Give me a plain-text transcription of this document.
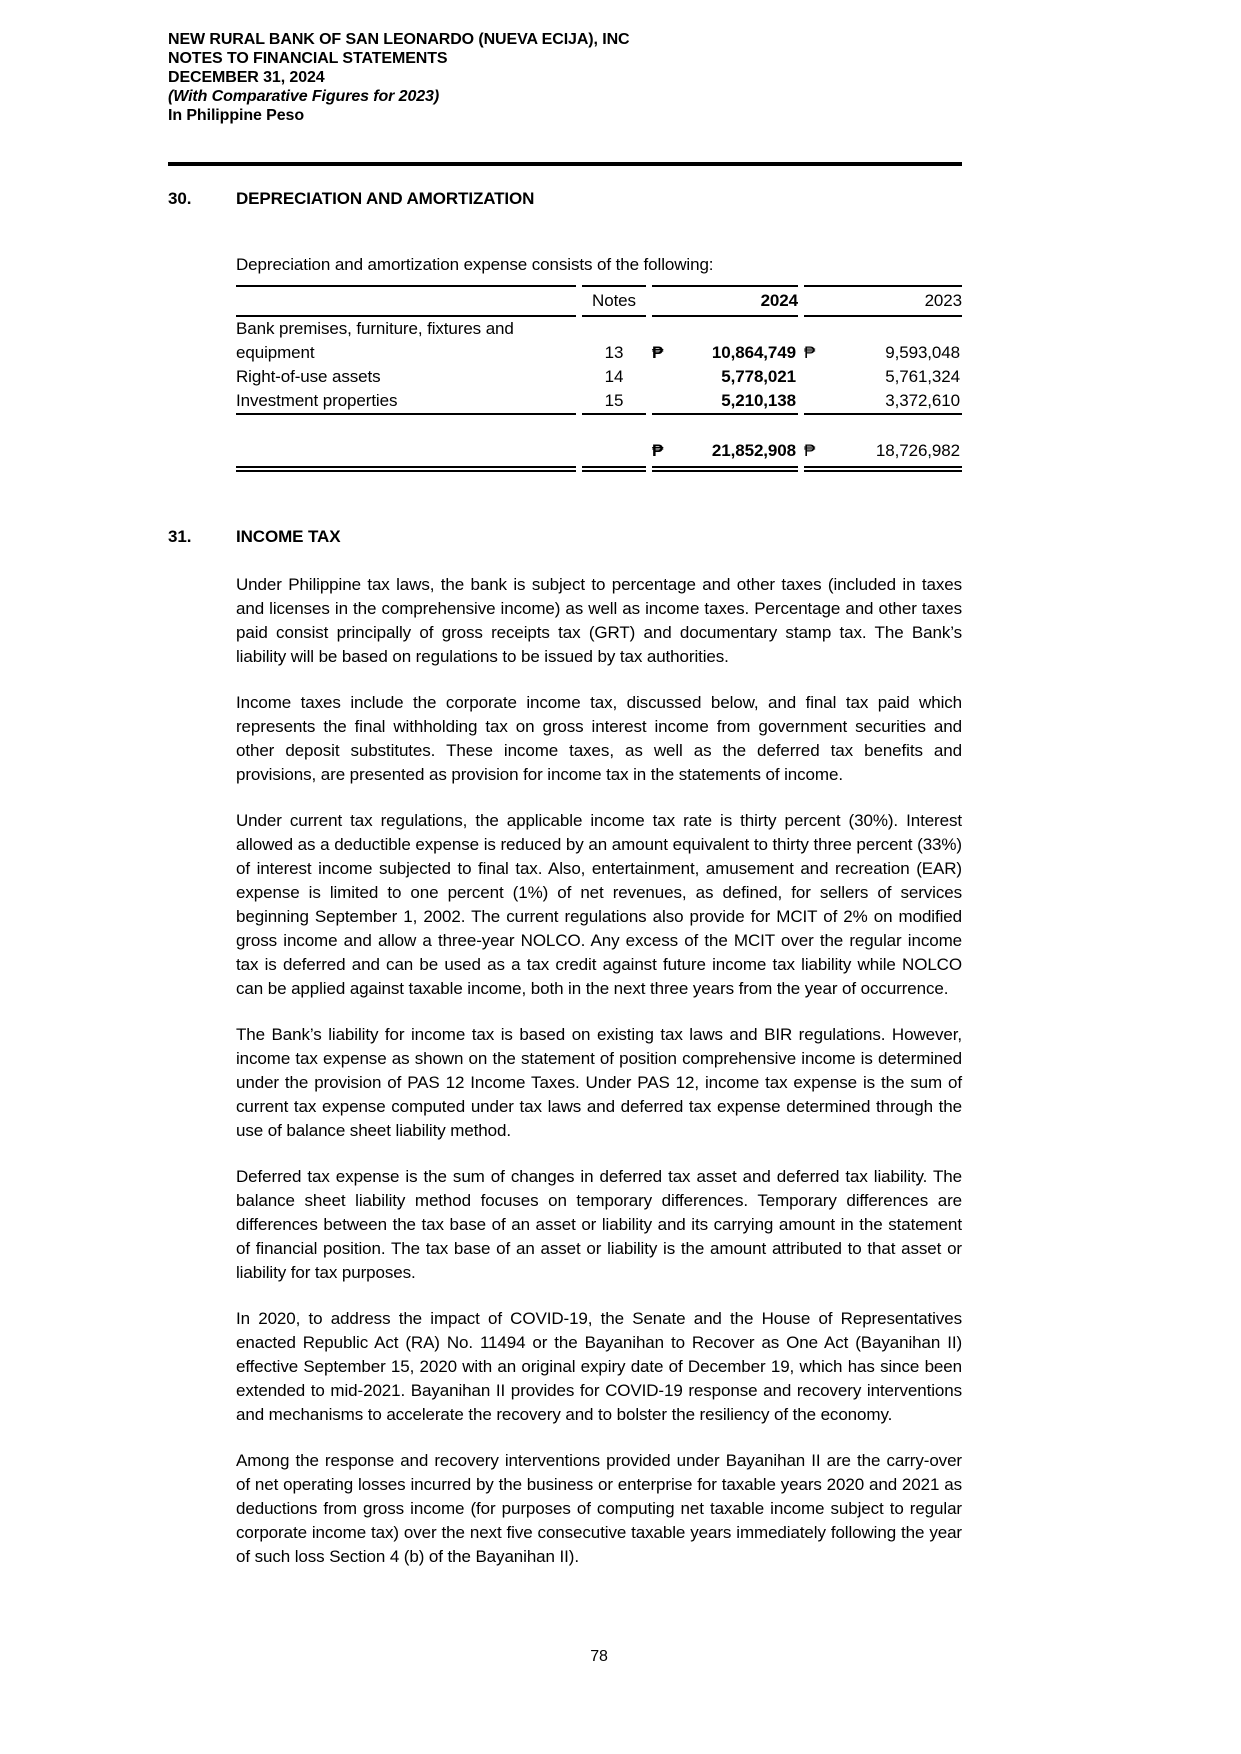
NEW RURAL BANK OF SAN LEONARDO (NUEVA ECIJA), INC
NOTES TO FINANCIAL STATEMENTS
DECEMBER 31, 2024
(With Comparative Figures for 2023)
In Philippine Peso
30.	DEPRECIATION AND AMORTIZATION

Depreciation and amortization expense consists of the following:

	Notes	2024	2023
Bank premises, furniture, fixtures and			
equipment	13	₱ 10,864,749	₱ 9,593,048

Right-of-use assets	14	5,778,021	5,761,324
Investment properties	15	5,210,138	3,372,610

		₱ 21,852,908	₱ 18,726,982
31.	INCOME TAX

Under Philippine tax laws, the bank is subject to percentage and other taxes (included in taxes and licenses in the comprehensive income) as well as income taxes. Percentage and other taxes paid consist principally of gross receipts tax (GRT) and documentary stamp tax. The Bank’s liability will be based on regulations to be issued by tax authorities.

Income taxes include the corporate income tax, discussed below, and final tax paid which represents the final withholding tax on gross interest income from government securities and other deposit substitutes. These income taxes, as well as the deferred tax benefits and provisions, are presented as provision for income tax in the statements of income.

Under current tax regulations, the applicable income tax rate is thirty percent (30%). Interest allowed as a deductible expense is reduced by an amount equivalent to thirty three percent (33%) of interest income subjected to final tax. Also, entertainment, amusement and recreation (EAR) expense is limited to one percent (1%) of net revenues, as defined, for sellers of services beginning September 1, 2002. The current regulations also provide for MCIT of 2% on modified gross income and allow a three-year NOLCO. Any excess of the MCIT over the regular income tax is deferred and can be used as a tax credit against future income tax liability while NOLCO can be applied against taxable income, both in the next three years from the year of occurrence.

The Bank’s liability for income tax is based on existing tax laws and BIR regulations. However, income tax expense as shown on the statement of position comprehensive income is determined under the provision of PAS 12 Income Taxes. Under PAS 12, income tax expense is the sum of current tax expense computed under tax laws and deferred tax expense determined through the use of balance sheet liability method.

Deferred tax expense is the sum of changes in deferred tax asset and deferred tax liability. The balance sheet liability method focuses on temporary differences. Temporary differences are differences between the tax base of an asset or liability and its carrying amount in the statement of financial position. The tax base of an asset or liability is the amount attributed to that asset or liability for tax purposes.

In 2020, to address the impact of COVID-19, the Senate and the House of Representatives enacted Republic Act (RA) No. 11494 or the Bayanihan to Recover as One Act (Bayanihan II) effective September 15, 2020 with an original expiry date of December 19, which has since been extended to mid-2021. Bayanihan II provides for COVID-19 response and recovery interventions and mechanisms to accelerate the recovery and to bolster the resiliency of the economy.

Among the response and recovery interventions provided under Bayanihan II are the carry-over of net operating losses incurred by the business or enterprise for taxable years 2020 and 2021 as deductions from gross income (for purposes of computing net taxable income subject to regular corporate income tax) over the next five consecutive taxable years immediately following the year of such loss Section 4 (b) of the Bayanihan II).

78
